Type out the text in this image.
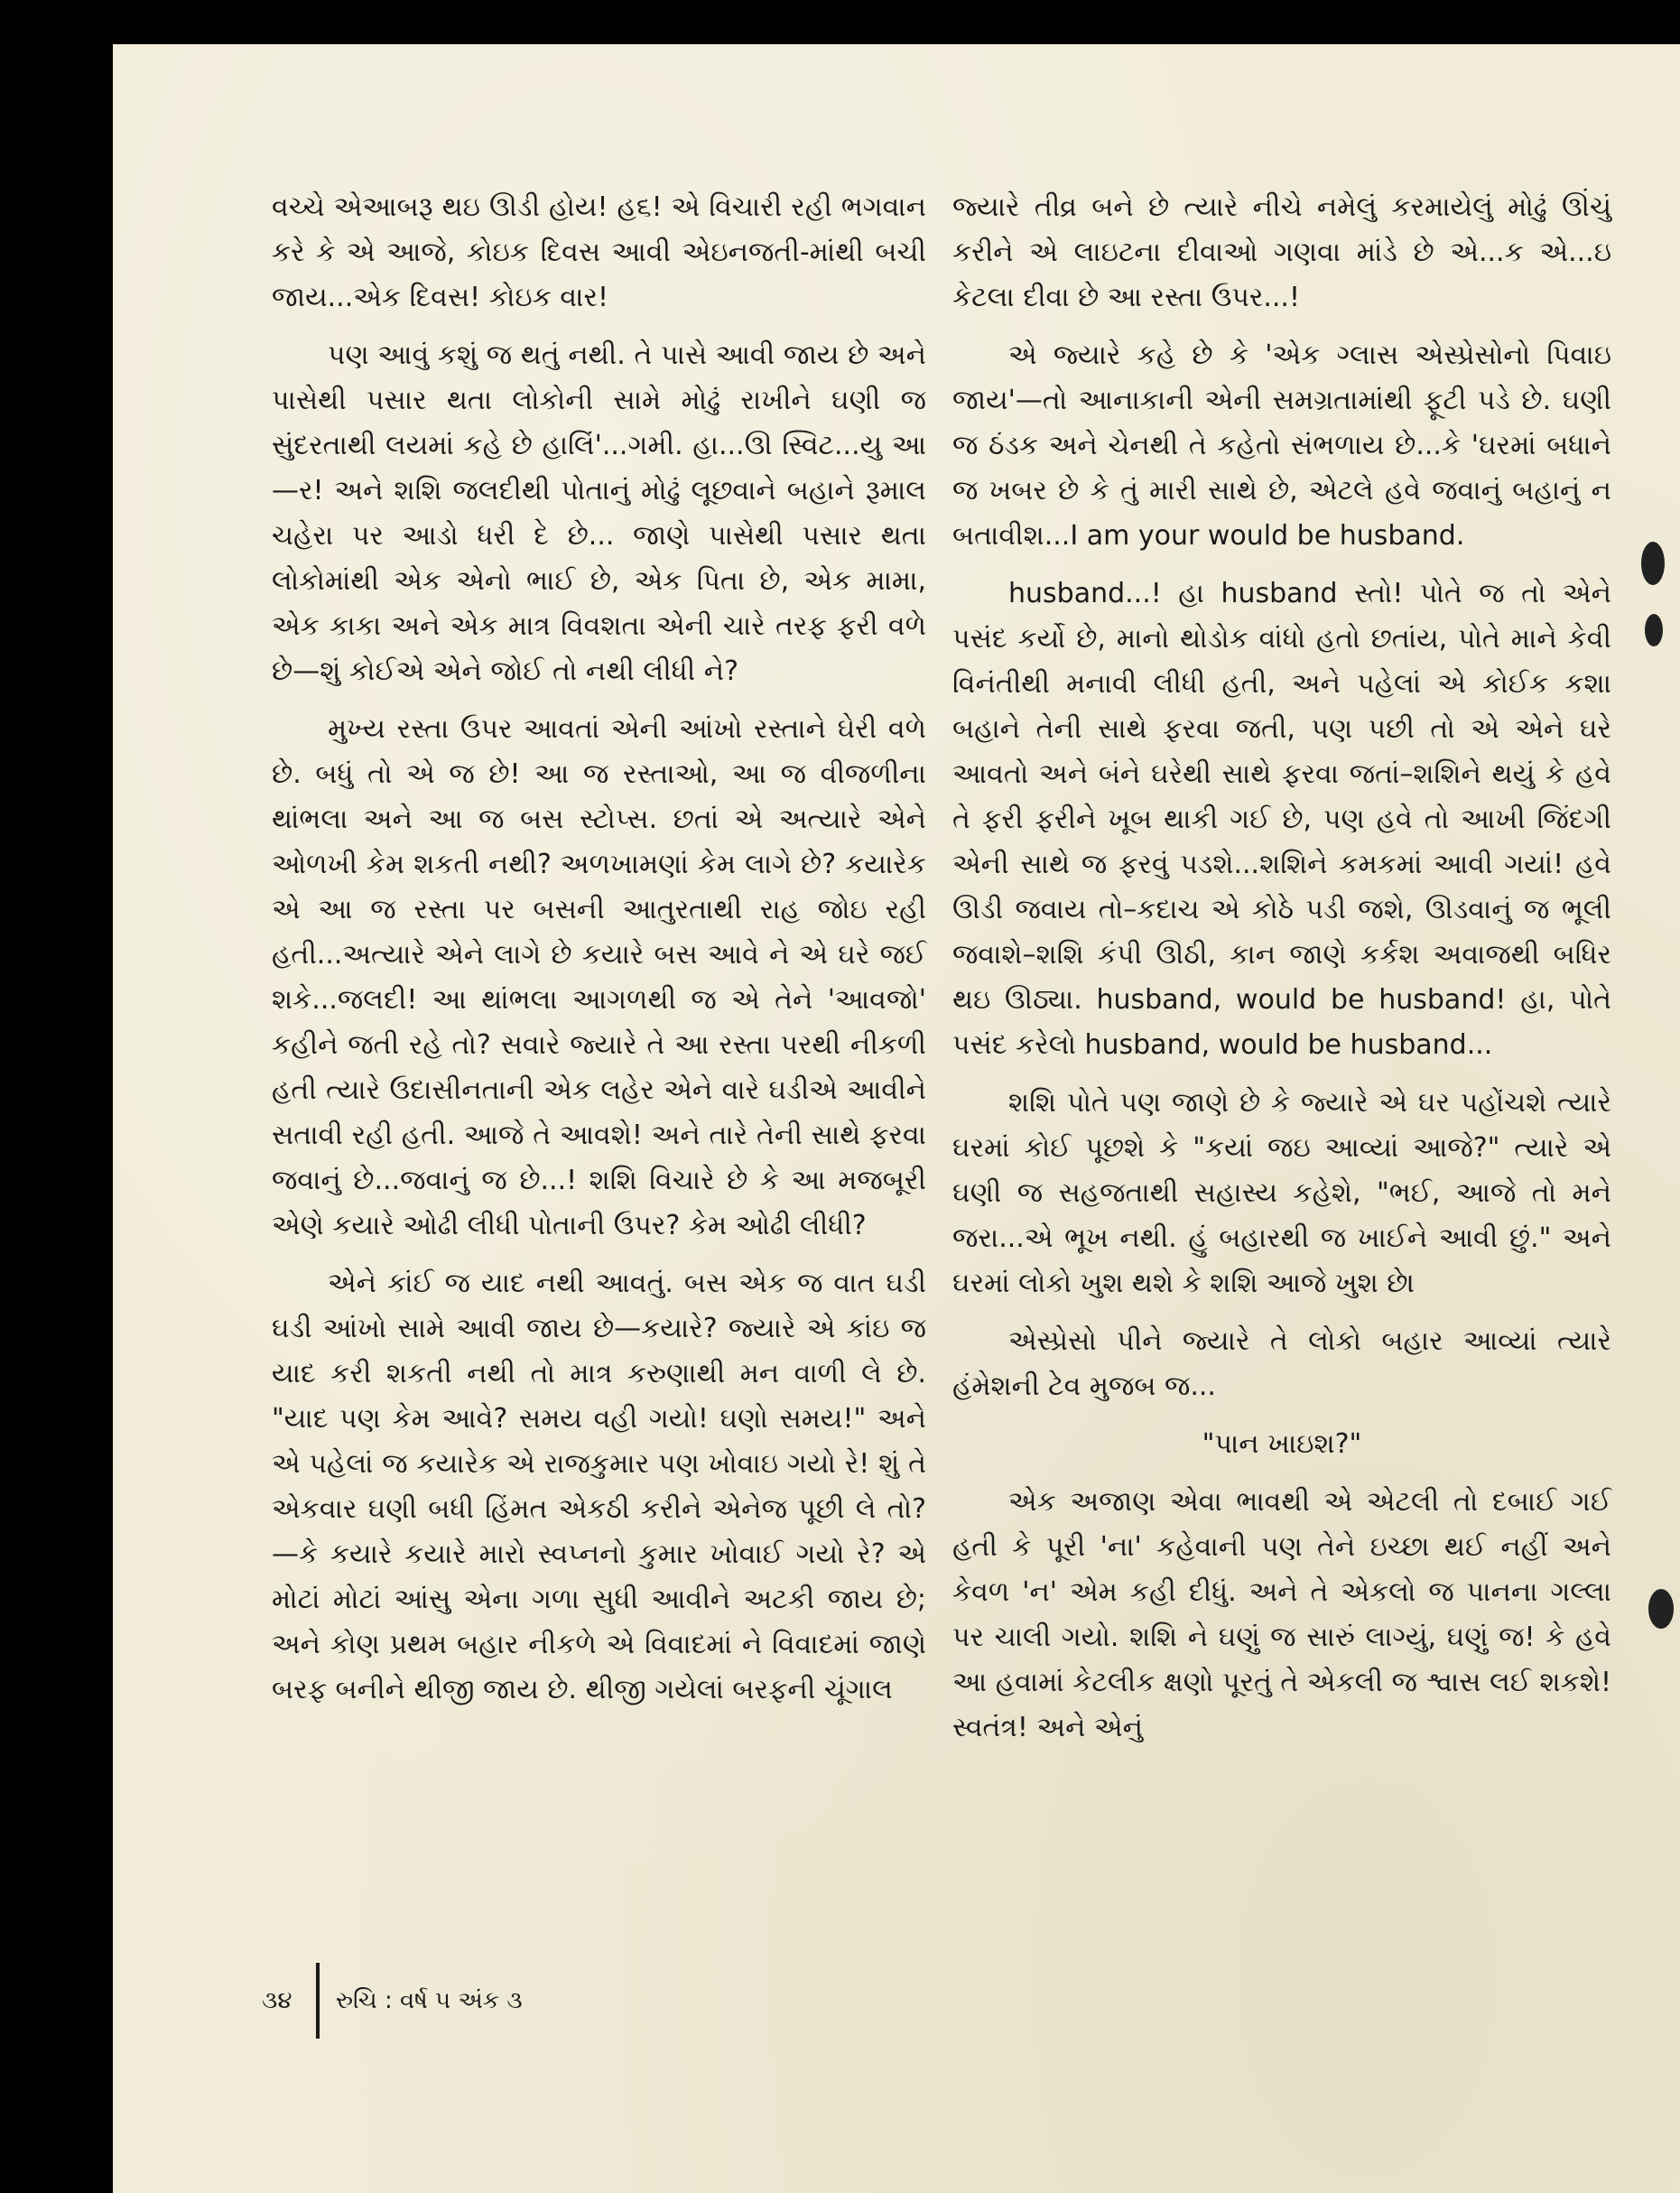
વચ્ચે એઆબરૂ થઇ ઊડી હોય! હ૬! એ વિચારી રહી ભગવાન કરે કે એ આજે, કોઇક દિવસ આવી એઇનજતી-માંથી બચી જાય...એક દિવસ! કોઇક વાર!

પણ આવું કશું જ થતું નથી. તે પાસે આવી જાય છે અને પાસેથી પસાર થતા લોકોની સામે મોઢું રાખીને ઘણી જ સુંદરતાથી લયમાં કહે છે હાલિં'...ગમી. હા...ઊ સ્વિટ...યુ આ—ર! અને શશિ જલદીથી પોતાનું મોઢું લૂછવાને બહાને રૂમાલ ચહેરા પર આડો ધરી દે છે... જાણે પાસેથી પસાર થતા લોકોમાંથી એક એનો ભાઈ છે, એક પિતા છે, એક મામા, એક કાકા અને એક માત્ર વિવશતા એની ચારે તરફ ફરી વળે છે—શું કોઈએ એને જોઈ તો નથી લીધી ને?

મુખ્ય રસ્તા ઉપર આવતાં એની આંખો રસ્તાને ઘેરી વળે છે. બધું તો એ જ છે! આ જ રસ્તાઓ, આ જ વીજળીના થાંભલા અને આ જ બસ સ્ટોપ્સ. છતાં એ અત્યારે એને ઓળખી કેમ શકતી નથી? અળખામણાં કેમ લાગે છે? કયારેક એ આ જ રસ્તા પર બસની આતુરતાથી રાહ જોઇ રહી હતી...અત્યારે એને લાગે છે કયારે બસ આવે ને એ ઘરે જઈ શકે...જલદી! આ થાંભલા આગળથી જ એ તેને 'આવજો' કહીને જતી રહે તો? સવારે જ્યારે તે આ રસ્તા પરથી નીકળી હતી ત્યારે ઉદાસીનતાની એક લહેર એને વારે ઘડીએ આવીને સતાવી રહી હતી. આજે તે આવશે! અને તારે તેની સાથે ફરવા જવાનું છે...જવાનું જ છે...! શશિ વિચારે છે કે આ મજબૂરી એણે કયારે ઓઢી લીધી પોતાની ઉપર? કેમ ઓઢી લીધી?

એને કાંઈ જ યાદ નથી આવતું. બસ એક જ વાત ઘડી ઘડી આંખો સામે આવી જાય છે—કયારે? જ્યારે એ કાંઇ જ યાદ કરી શકતી નથી તો માત્ર કરુણાથી મન વાળી લે છે. "યાદ પણ કેમ આવે? સમય વહી ગયો! ઘણો સમય!" અને એ પહેલાં જ કયારેક એ રાજકુમાર પણ ખોવાઇ ગયો રે! શું તે એકવાર ઘણી બધી હિંમત એકઠી કરીને એનેજ પૂછી લે તો? —કે કયારે કયારે મારો સ્વપ્નનો કુમાર ખોવાઈ ગયો રે? એ મોટાં મોટાં આંસુ એના ગળા સુધી આવીને અટકી જાય છે; અને કોણ પ્રથમ બહાર નીકળે એ વિવાદમાં ને વિવાદમાં જાણે બરફ બનીને થીજી જાય છે. થીજી ગયેલાં બરફની ચૂંગાલ

જ્યારે તીવ્ર બને છે ત્યારે નીચે નમેલું કરમાયેલું મોઢું ઊંચું કરીને એ લાઇટના દીવાઓ ગણવા માંડે છે એ...ક એ...ઇ કેટલા દીવા છે આ રસ્તા ઉપર...!

એ જ્યારે કહે છે કે 'એક ગ્લાસ એસ્પ્રેસોનો પિવાઇ જાય'—તો આનાકાની એની સમગ્રતામાંથી ફૂટી પડે છે. ઘણી જ ઠંડક અને ચેનથી તે કહેતો સંભળાય છે...કે 'ઘરમાં બધાને જ ખબર છે કે તું મારી સાથે છે, એટલે હવે જવાનું બહાનું ન બતાવીશ...I am your would be husband.

husband...! હા husband સ્તો! પોતે જ તો એને પસંદ કર્યો છે, માનો થોડોક વાંધો હતો છતાંય, પોતે માને કેવી વિનંતીથી મનાવી લીધી હતી, અને પહેલાં એ કોઈક કશા બહાને તેની સાથે ફરવા જતી, પણ પછી તો એ એને ઘરે આવતો અને બંને ઘરેથી સાથે ફરવા જતાં–શશિને થયું કે હવે તે ફરી ફરીને ખૂબ થાકી ગઈ છે, પણ હવે તો આખી જિંદગી એની સાથે જ ફરવું પડશે...શશિને કમકમાં આવી ગયાં! હવે ઊડી જવાય તો–કદાચ એ કોઠે પડી જશે, ઊડવાનું જ ભૂલી જવાશે–શશિ કંપી ઊઠી, કાન જાણે કર્કશ અવાજથી બધિર થઇ ઊઠ્યા. husband, would be husband! હા, પોતે પસંદ કરેલો husband, would be husband...

શશિ પોતે પણ જાણે છે કે જ્યારે એ ઘર પહોંચશે ત્યારે ઘરમાં કોઈ પૂછશે કે "કયાં જઇ આવ્યાં આજે?" ત્યારે એ ઘણી જ સહજતાથી સહાસ્ય કહેશે, "ભઈ, આજે તો મને જરા...એ ભૂખ નથી. હું બહારથી જ ખાઈને આવી છું." અને ઘરમાં લોકો ખુશ થશે કે શશિ આજે ખુશ છે।

એસ્પ્રેસો પીને જ્યારે તે લોકો બહાર આવ્યાં ત્યારે હંમેશની ટેવ મુજબ જ...

"પાન ખાઇશ?"

એક અજાણ એવા ભાવથી એ એટલી તો દબાઈ ગઈ હતી કે પૂરી 'ના' કહેવાની પણ તેને ઇચ્છા થઈ નહીં અને કેવળ 'ન' એમ કહી દીધું. અને તે એકલો જ પાનના ગલ્લા પર ચાલી ગયો. શશિ ને ઘણું જ સારું લાગ્યું, ઘણું જ! કે હવે આ હવામાં કેટલીક ક્ષણો પૂરતું તે એકલી જ શ્વાસ લઈ શકશે! સ્વતંત્ર! અને એનું

૩૪	રુચિ : વર્ષ ૫ અંક ૩
